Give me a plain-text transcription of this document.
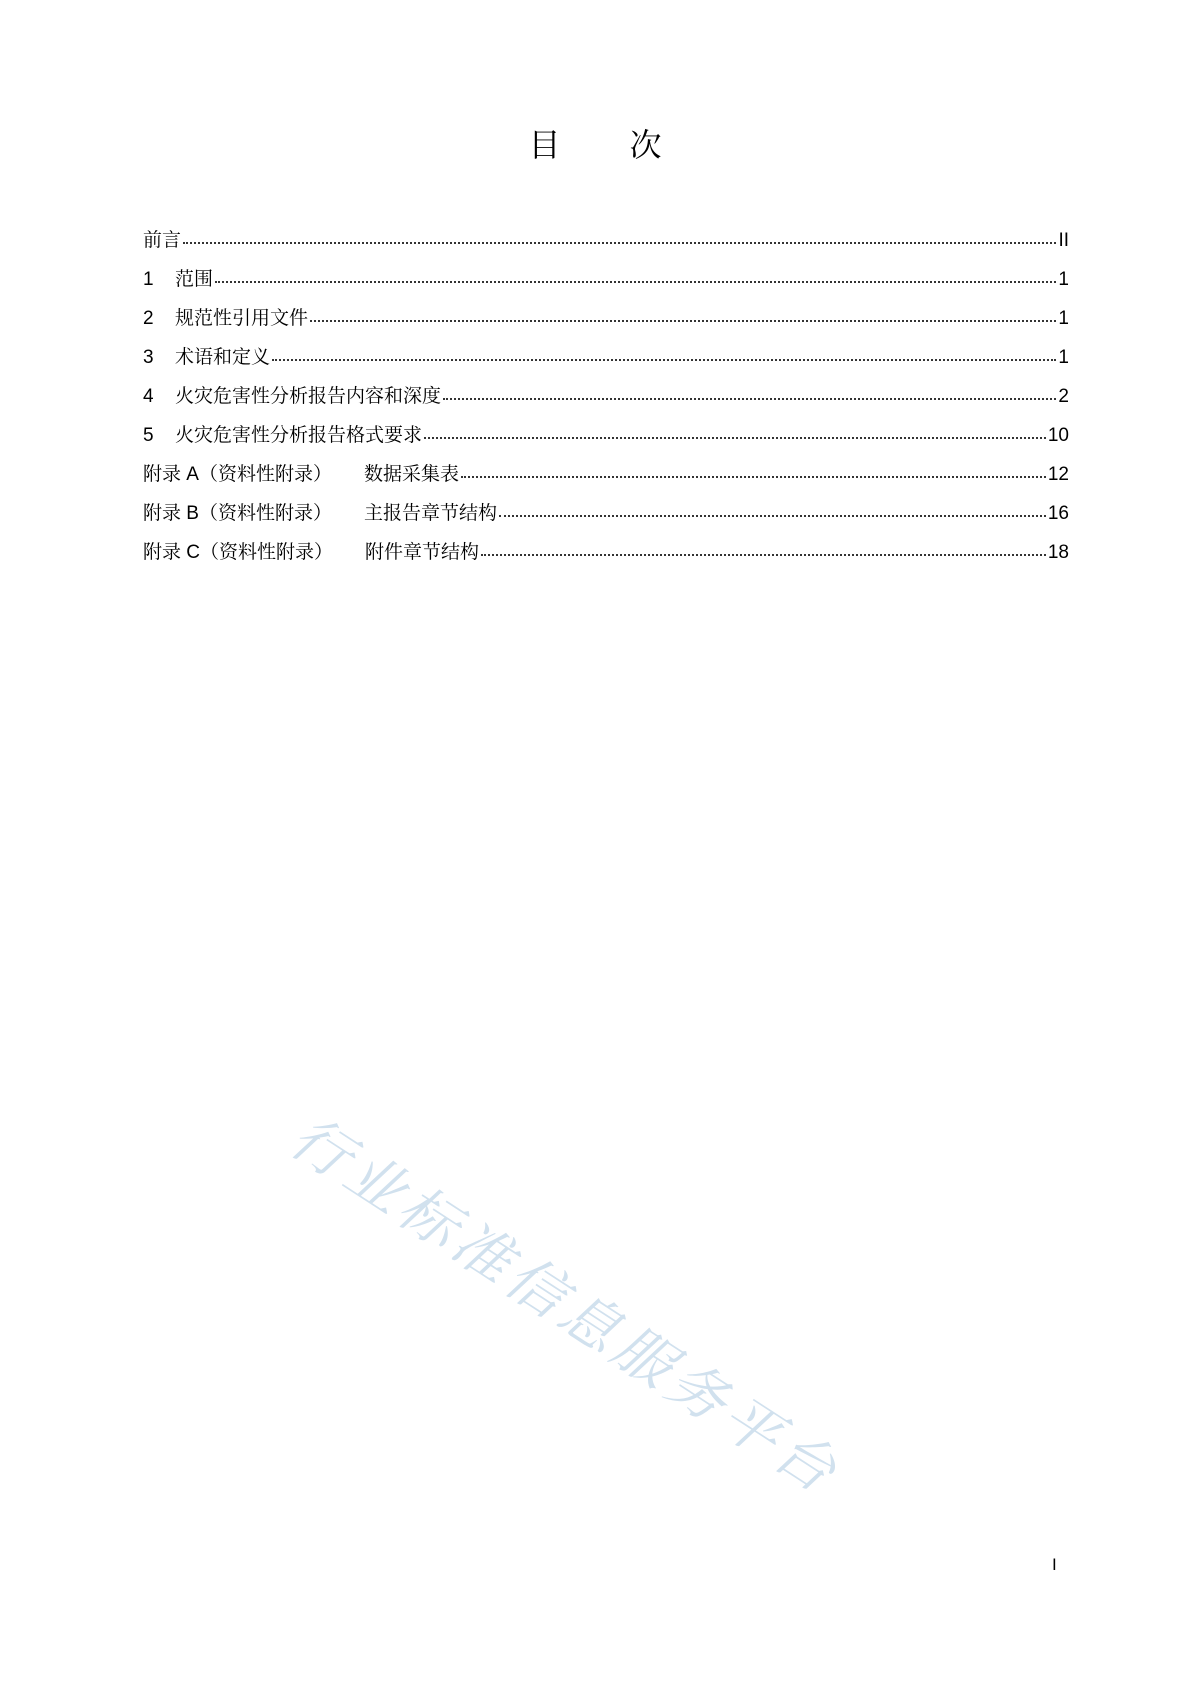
目 次
前言	II
1	范围	1
2	规范性引用文件	1
3	术语和定义	1
4	火灾危害性分析报告内容和深度	2
5	火灾危害性分析报告格式要求	10
附录 A（资料性附录） 数据采集表	12
附录 B（资料性附录） 主报告章节结构	16
附录 C（资料性附录） 附件章节结构	18
行业标准信息服务平台
I
